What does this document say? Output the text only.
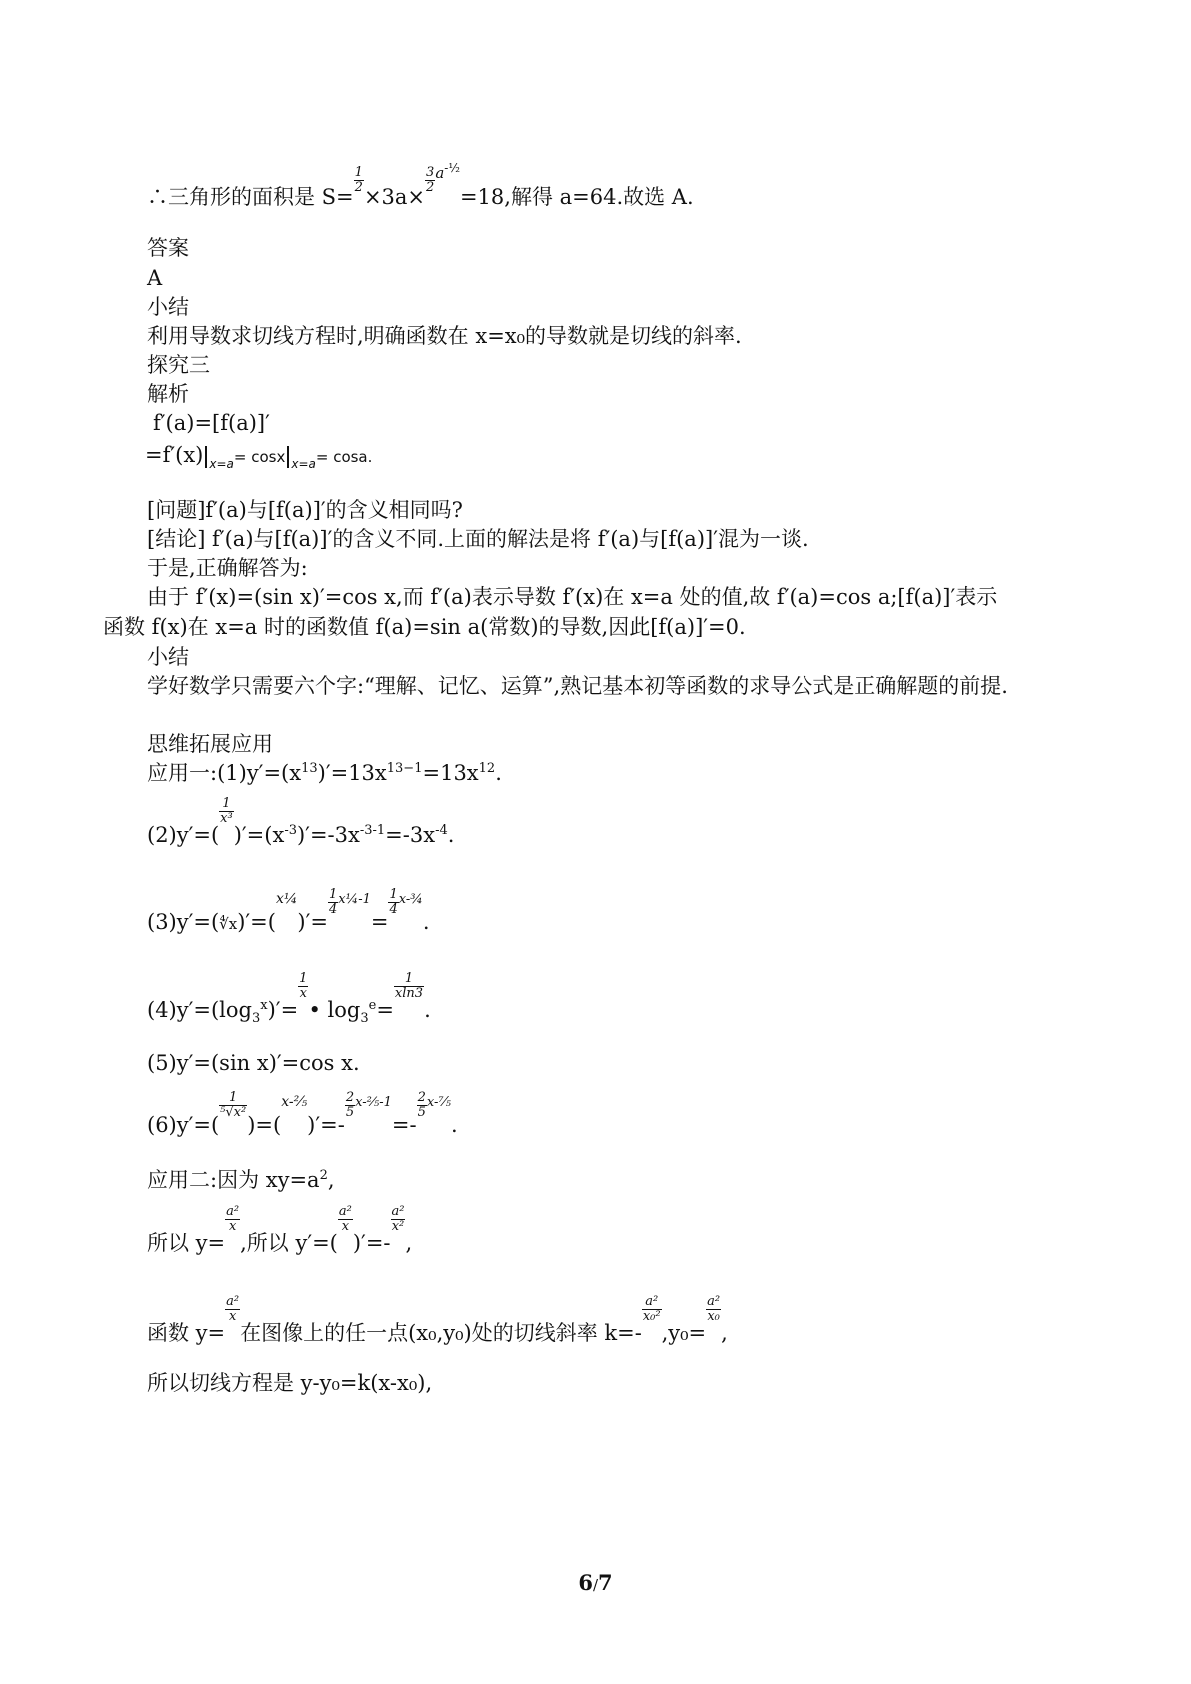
∴三角形的面积是 S=
$\frac{1}{2}$
×3a×
$\frac{3}{2} ^{a-\frac{1}{2}}=18$,解得 a=64.故选 A.
答案
A
小结
利用导数求切线方程时,明确函数在 x=x₀的导数就是切线的斜率.
探究三
解析
f′(a)=[f(a)]′
=f′(x) $_{x=a}$= cosx $_{x=a}$= cosa.
[问题]f′(a)与[f(a)]′的含义相同吗?
[结论] f′(a)与[f(a)]′的含义不同.上面的解法是将 f′(a)与[f(a)]′混为一谈.
于是,正确解答为:
由于 f′(x)=(sin x)′=cos x,而 f′(a)表示导数 f′(x)在 x=a 处的值,故 f′(a)=cos a;[f(a)]′表示函数 f(x)在 x=a 时的函数值 f(a)=sin a(常数)的导数,因此[f(a)]′=0.
小结
学好数学只需要六个字:“理解、记忆、运算”,熟记基本初等函数的求导公式是正确解题的前提.
思维拓展应用
应用一$:(1)y'=(x^{13})'=13x^{13-1}=13x^{12}$.
(2)y′=(
$\frac{1}{\text{x³}}$
)$'=(x^{-3})'=-3x^{-3-1}=-3x^{-4}$.
(3)y′=(∜x)′=($^{x\frac{1}{4}}$)′=
$\frac{1}{4} ^{x\frac{1}{4}-1}=$
$\frac{1}{4} ^{x-\frac{3}{4}}$.
$(4)y'=(\log_3^x)'=$
$\frac{1}{x}$
• $\log_3^e=$
$\frac{1}{xln3}$
.
(5)y′=(sin x)′=cos x.
(6)y′=(
$\frac{1}{\text{⁵√x²}}$
)=($^{x-\frac{2}{5}}$)′=-
$\frac{2}{5} ^{x-\frac{2}{5}-1}=-$
$\frac{2}{5} ^{x-^7⁄_5}$.
应用二:因为 $xy=a^2$,
所以 y=
$\frac{\text{a²}}{x}$
,所以 y′=(
$\frac{\text{a²}}{x}$
)′=-
$\frac{\text{a²}}{\text{x²}}$
,
函数 y=
$\frac{\text{a²}}{x}$
在图像上的任一点(x₀,y₀)处的切线斜率 k=-
$\frac{\text{a²}}{\text{x₀²}}$
,y₀=
$\frac{\text{a²}}{\text{x₀}}$
,
所以切线方程是 y-y₀=k(x-x₀),
6/7
